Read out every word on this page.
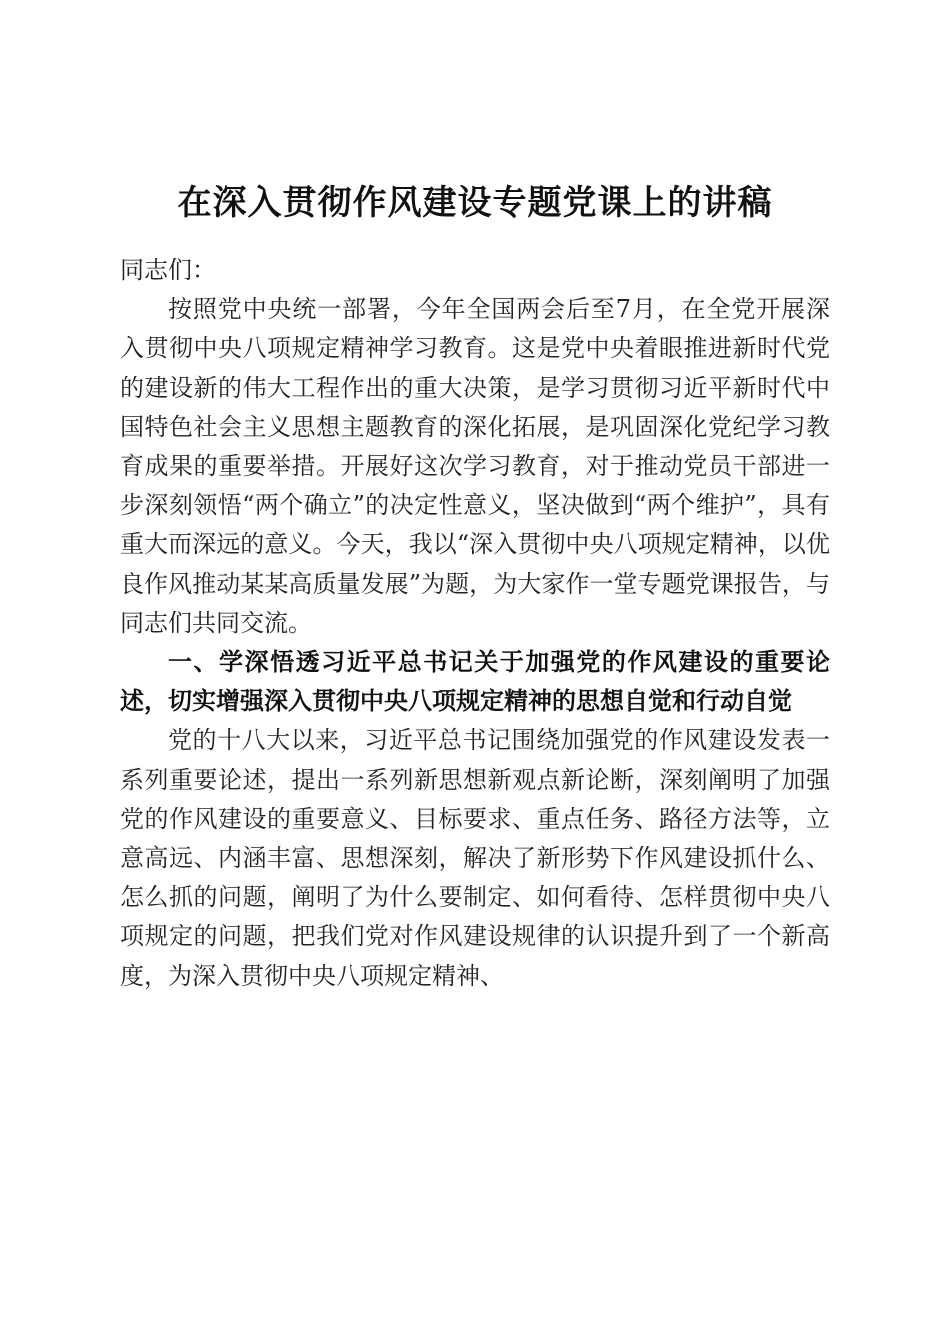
在深入贯彻作风建设专题党课上的讲稿

同志们：

按照党中央统一部署，今年全国两会后至7月，在全党开展深入贯彻中央八项规定精神学习教育。这是党中央着眼推进新时代党的建设新的伟大工程作出的重大决策，是学习贯彻习近平新时代中国特色社会主义思想主题教育的深化拓展，是巩固深化党纪学习教育成果的重要举措。开展好这次学习教育，对于推动党员干部进一步深刻领悟“两个确立”的决定性意义，坚决做到“两个维护”，具有重大而深远的意义。今天，我以“深入贯彻中央八项规定精神，以优良作风推动某某高质量发展”为题，为大家作一堂专题党课报告，与同志们共同交流。

一、学深悟透习近平总书记关于加强党的作风建设的重要论述，切实增强深入贯彻中央八项规定精神的思想自觉和行动自觉

党的十八大以来，习近平总书记围绕加强党的作风建设发表一系列重要论述，提出一系列新思想新观点新论断，深刻阐明了加强党的作风建设的重要意义、目标要求、重点任务、路径方法等，立意高远、内涵丰富、思想深刻，解决了新形势下作风建设抓什么、怎么抓的问题，阐明了为什么要制定、如何看待、怎样贯彻中央八项规定的问题，把我们党对作风建设规律的认识提升到了一个新高度，为深入贯彻中央八项规定精神、
